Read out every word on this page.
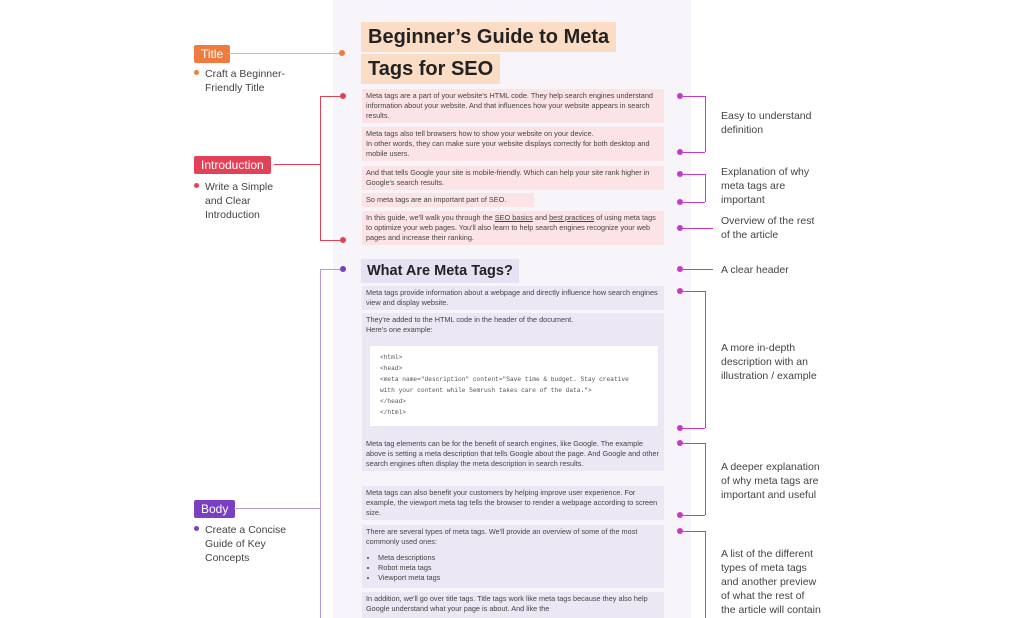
Title
Craft a Beginner-
Friendly Title
Introduction
Write a Simple
and Clear
Introduction
Body
Create a Concise
Guide of Key
Concepts
Beginner’s Guide to Meta
Tags for SEO

Meta tags are a part of your website's HTML code. They help search engines understand information about your website. And that influences how your website appears in search results.

Meta tags also tell browsers how to show your website on your device.

In other words, they can make sure your website displays correctly for both desktop and mobile users.

And that tells Google your site is mobile-friendly. Which can help your site rank higher in Google's search results.

So meta tags are an important part of SEO.

In this guide, we'll walk you through the SEO basics and best practices of using meta tags to optimize your web pages. You'll also learn to help search engines recognize your web pages and increase their ranking.

What Are Meta Tags?

Meta tags provide information about a webpage and directly influence how search engines view and display website.

They're added to the HTML code in the header of the document.

Here's one example:

<html>
<head>
<meta name="description" content="Save time & budget. Stay creative
with your content while Semrush takes care of the data.">
</head>
</html>

Meta tag elements can be for the benefit of search engines, like Google. The example above is setting a meta description that tells Google about the page. And Google and other search engines often display the meta description in search results.

Meta tags can also benefit your customers by helping improve user experience. For example, the viewport meta tag tells the browser to render a webpage according to screen size.

There are several types of meta tags. We'll provide an overview of some of the most commonly used ones:

• Meta descriptions
• Robot meta tags
• Viewport meta tags

In addition, we'll go over title tags. Title tags work like meta tags because they also help Google understand what your page is about. And like the

Easy to understand
definition
Explanation of why
meta tags are
important
Overview of the rest
of the article
A clear header
A more in-depth
description with an
illustration / example
A deeper explanation
of why meta tags are
important and useful
A list of the different
types of meta tags
and another preview
of what the rest of
the article will contain
